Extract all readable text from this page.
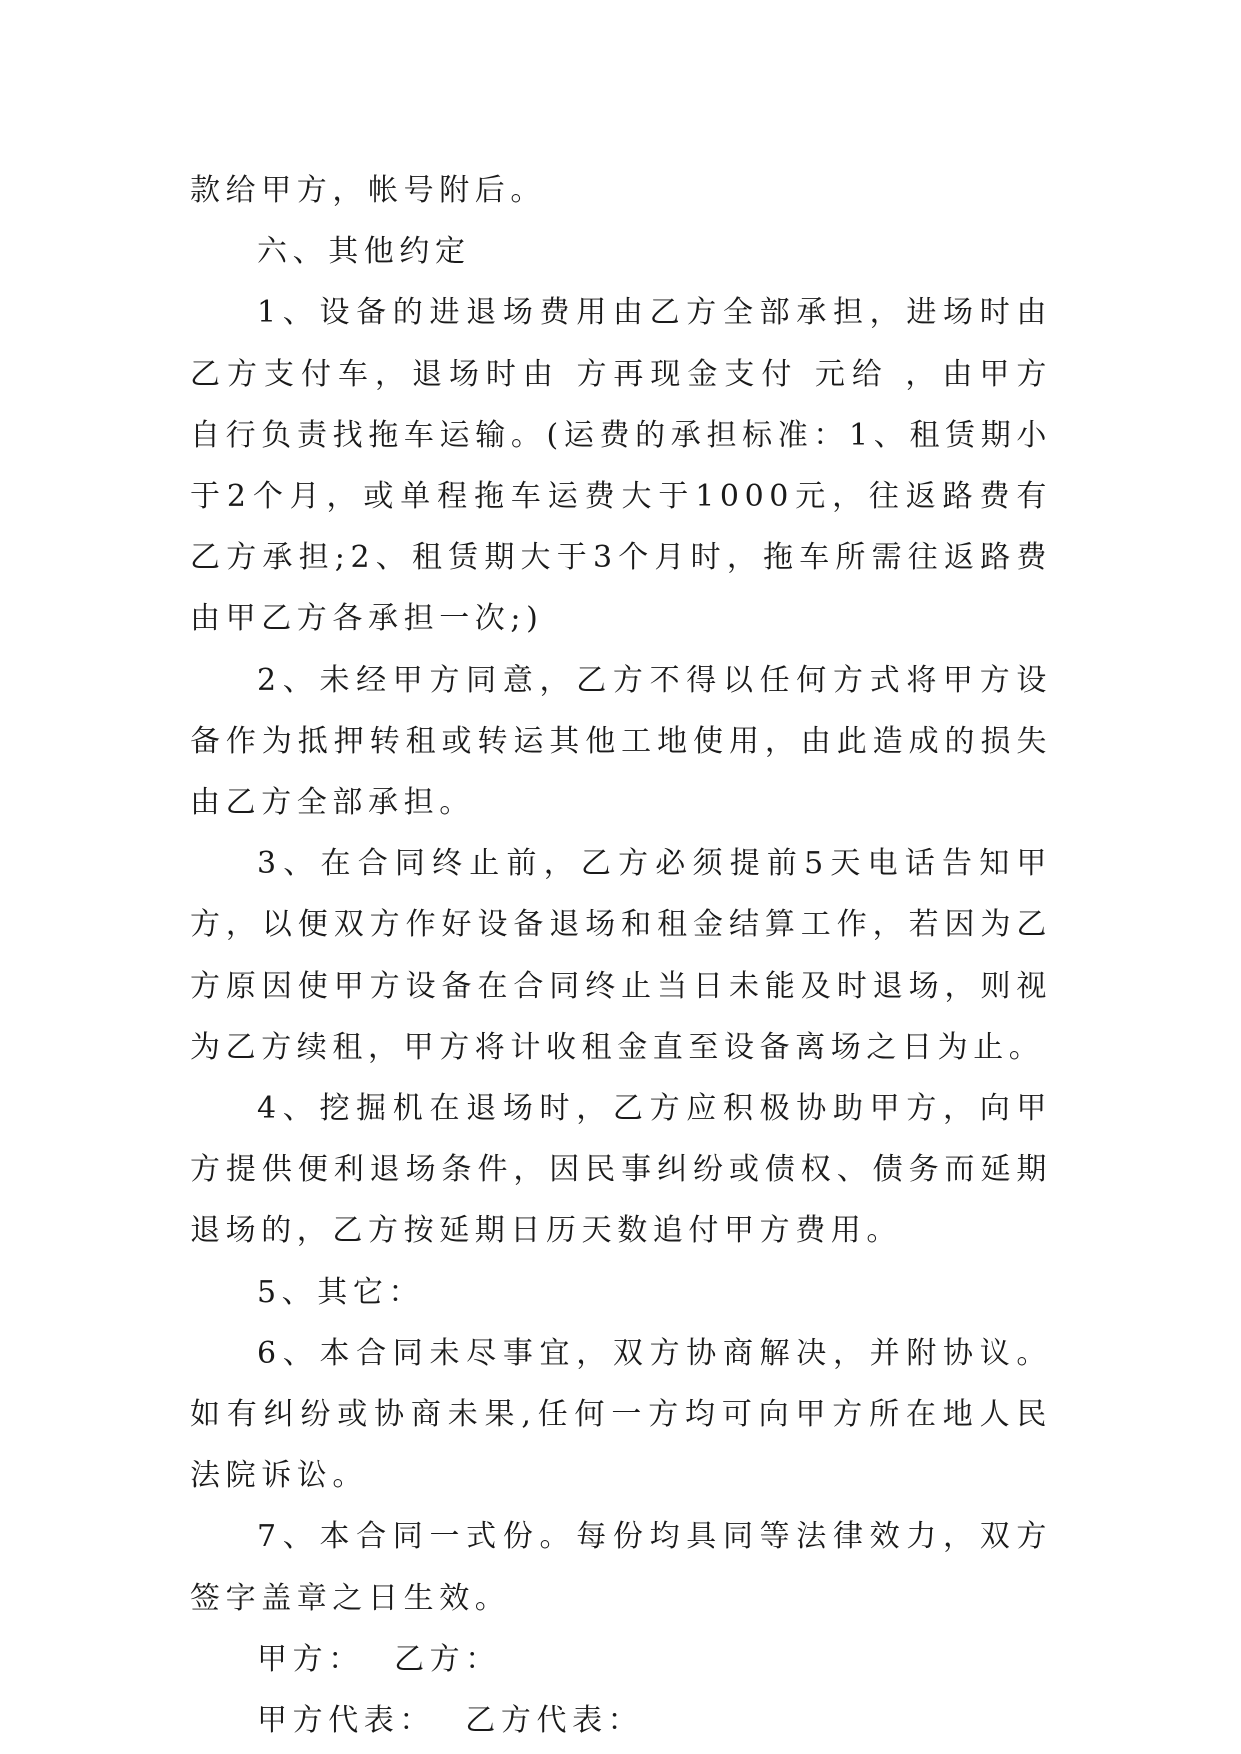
款给甲方，帐号附后。

六、其他约定

1、设备的进退场费用由乙方全部承担，进场时由乙方支付车，退场时由 方再现金支付 元给 ，由甲方自行负责找拖车运输。(运费的承担标准：1、租赁期小于2个月，或单程拖车运费大于1000元，往返路费有乙方承担;2、租赁期大于3个月时，拖车所需往返路费由甲乙方各承担一次;)

2、未经甲方同意，乙方不得以任何方式将甲方设备作为抵押转租或转运其他工地使用，由此造成的损失由乙方全部承担。

3、在合同终止前，乙方必须提前5天电话告知甲方，以便双方作好设备退场和租金结算工作，若因为乙方原因使甲方设备在合同终止当日未能及时退场，则视为乙方续租，甲方将计收租金直至设备离场之日为止。

4、挖掘机在退场时，乙方应积极协助甲方，向甲方提供便利退场条件，因民事纠纷或债权、债务而延期退场的，乙方按延期日历天数追付甲方费用。

5、其它：

6、本合同未尽事宜，双方协商解决，并附协议。如有纠纷或协商未果,任何一方均可向甲方所在地人民法院诉讼。

7、本合同一式份。每份均具同等法律效力，双方签字盖章之日生效。

甲方：  乙方：

甲方代表：  乙方代表：
